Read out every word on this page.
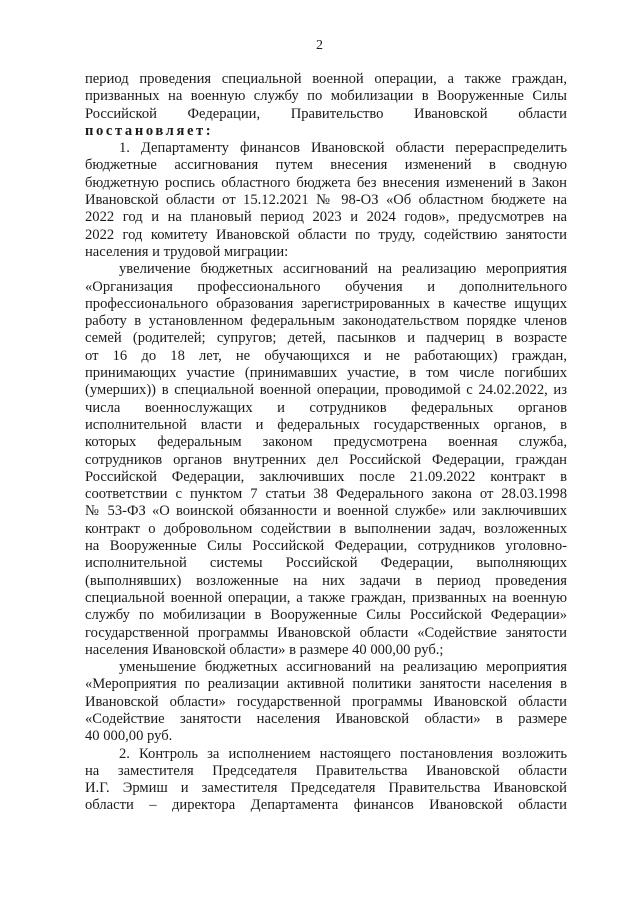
2
период проведения специальной военной операции, а также граждан,
призванных на военную службу по мобилизации в Вооруженные Силы
Российской Федерации, Правительство Ивановской области
постановляет:
1. Департаменту финансов Ивановской области перераспределить
бюджетные ассигнования путем внесения изменений в сводную
бюджетную роспись областного бюджета без внесения изменений в Закон
Ивановской области от 15.12.2021 № 98-ОЗ «Об областном бюджете на
2022 год и на плановый период 2023 и 2024 годов», предусмотрев на
2022 год комитету Ивановской области по труду, содействию занятости
населения и трудовой миграции:
увеличение бюджетных ассигнований на реализацию мероприятия
«Организация профессионального обучения и дополнительного
профессионального образования зарегистрированных в качестве ищущих
работу в установленном федеральным законодательством порядке членов
семей (родителей; супругов; детей, пасынков и падчериц в возрасте
от 16 до 18 лет, не обучающихся и не работающих) граждан,
принимающих участие (принимавших участие, в том числе погибших
(умерших)) в специальной военной операции, проводимой с 24.02.2022, из
числа военнослужащих и сотрудников федеральных органов
исполнительной власти и федеральных государственных органов, в
которых федеральным законом предусмотрена военная служба,
сотрудников органов внутренних дел Российской Федерации, граждан
Российской Федерации, заключивших после 21.09.2022 контракт в
соответствии с пунктом 7 статьи 38 Федерального закона от 28.03.1998
№ 53-ФЗ «О воинской обязанности и военной службе» или заключивших
контракт о добровольном содействии в выполнении задач, возложенных
на Вооруженные Силы Российской Федерации, сотрудников уголовно-
исполнительной системы Российской Федерации, выполняющих
(выполнявших) возложенные на них задачи в период проведения
специальной военной операции, а также граждан, призванных на военную
службу по мобилизации в Вооруженные Силы Российской Федерации»
государственной программы Ивановской области «Содействие занятости
населения Ивановской области» в размере 40 000,00 руб.;
уменьшение бюджетных ассигнований на реализацию мероприятия
«Мероприятия по реализации активной политики занятости населения в
Ивановской области» государственной программы Ивановской области
«Содействие занятости населения Ивановской области» в размере
40 000,00 руб.
2. Контроль за исполнением настоящего постановления возложить
на заместителя Председателя Правительства Ивановской области
И.Г. Эрмиш и заместителя Председателя Правительства Ивановской
области – директора Департамента финансов Ивановской области
